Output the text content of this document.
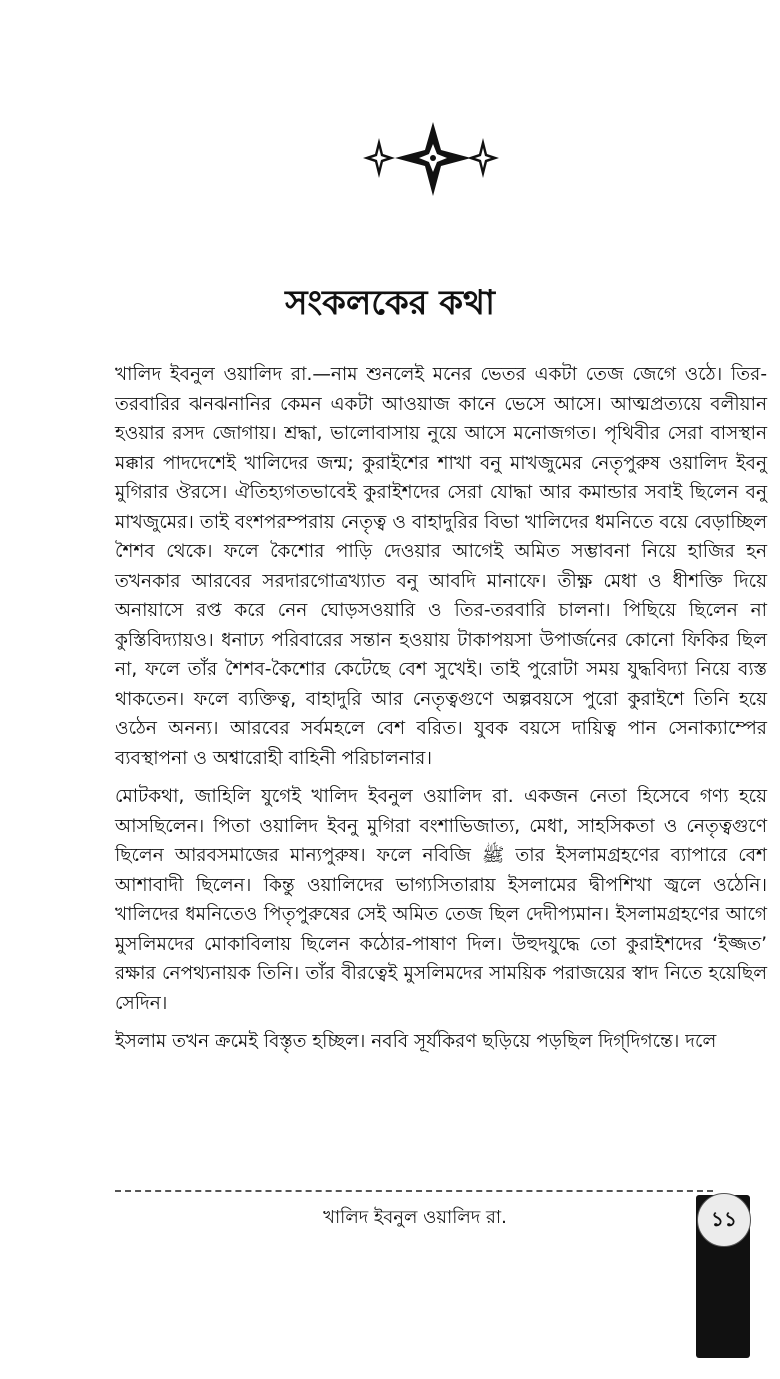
সংকলকের কথা

খালিদ ইবনুল ওয়ালিদ রা.—নাম শুনলেই মনের ভেতর একটা তেজ জেগে ওঠে। তির-তরবারির ঝনঝনানির কেমন একটা আওয়াজ কানে ভেসে আসে। আত্মপ্রত্যয়ে বলীয়ান হওয়ার রসদ জোগায়। শ্রদ্ধা, ভালোবাসায় নুয়ে আসে মনোজগত। পৃথিবীর সেরা বাসস্থান মক্কার পাদদেশেই খালিদের জন্ম; কুরাইশের শাখা বনু মাখজুমের নেতৃপুরুষ ওয়ালিদ ইবনু মুগিরার ঔরসে। ঐতিহ্যগতভাবেই কুরাইশদের সেরা যোদ্ধা আর কমান্ডার সবাই ছিলেন বনু মাখজুমের। তাই বংশপরম্পরায় নেতৃত্ব ও বাহাদুরির বিভা খালিদের ধমনিতে বয়ে বেড়াচ্ছিল শৈশব থেকে। ফলে কৈশোর পাড়ি দেওয়ার আগেই অমিত সম্ভাবনা নিয়ে হাজির হন তখনকার আরবের সরদারগোত্রখ্যাত বনু আবদি মানাফে। তীক্ষ্ণ মেধা ও ধীশক্তি দিয়ে অনায়াসে রপ্ত করে নেন ঘোড়সওয়ারি ও তির-তরবারি চালনা। পিছিয়ে ছিলেন না কুস্তিবিদ্যায়ও। ধনাঢ্য পরিবারের সন্তান হওয়ায় টাকাপয়সা উপার্জনের কোনো ফিকির ছিল না, ফলে তাঁর শৈশব-কৈশোর কেটেছে বেশ সুখেই। তাই পুরোটা সময় যুদ্ধবিদ্যা নিয়ে ব্যস্ত থাকতেন। ফলে ব্যক্তিত্ব, বাহাদুরি আর নেতৃত্বগুণে অল্পবয়সে পুরো কুরাইশে তিনি হয়ে ওঠেন অনন্য। আরবের সর্বমহলে বেশ বরিত। যুবক বয়সে দায়িত্ব পান সেনাক্যাম্পের ব্যবস্থাপনা ও অশ্বারোহী বাহিনী পরিচালনার।

মোটকথা, জাহিলি যুগেই খালিদ ইবনুল ওয়ালিদ রা. একজন নেতা হিসেবে গণ্য হয়ে আসছিলেন। পিতা ওয়ালিদ ইবনু মুগিরা বংশাভিজাত্য, মেধা, সাহসিকতা ও নেতৃত্বগুণে ছিলেন আরবসমাজের মান্যপুরুষ। ফলে নবিজি ﷺ তার ইসলামগ্রহণের ব্যাপারে বেশ আশাবাদী ছিলেন। কিন্তু ওয়ালিদের ভাগ্যসিতারায় ইসলামের দ্বীপশিখা জ্বলে ওঠেনি। খালিদের ধমনিতেও পিতৃপুরুষের সেই অমিত তেজ ছিল দেদীপ্যমান। ইসলামগ্রহণের আগে মুসলিমদের মোকাবিলায় ছিলেন কঠোর-পাষাণ দিল। উহুদযুদ্ধে তো কুরাইশদের ‘ইজ্জত’ রক্ষার নেপথ্যনায়ক তিনি। তাঁর বীরত্বেই মুসলিমদের সাময়িক পরাজয়ের স্বাদ নিতে হয়েছিল সেদিন।

ইসলাম তখন ক্রমেই বিস্তৃত হচ্ছিল। নববি সূর্যকিরণ ছড়িয়ে পড়ছিল দিগ্‌দিগন্তে। দলে

খালিদ ইবনুল ওয়ালিদ রা.	১১
